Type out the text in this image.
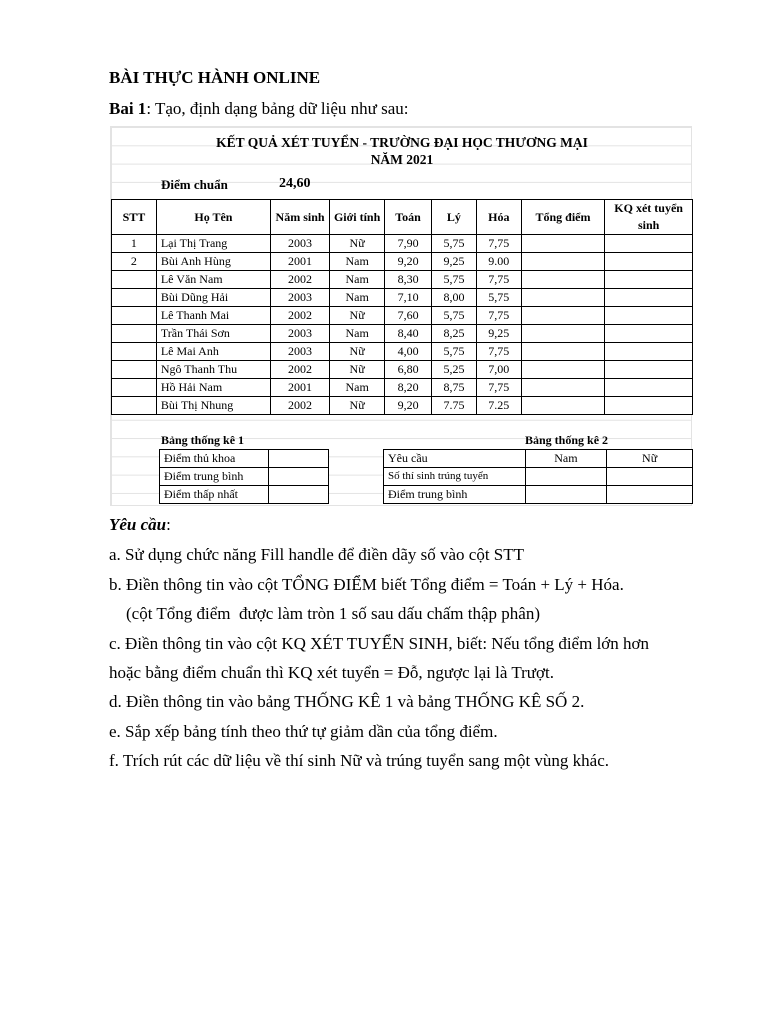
BÀI THỰC HÀNH ONLINE
Bai 1: Tạo, định dạng bảng dữ liệu như sau:
KẾT QUẢ XÉT TUYỂN - TRƯỜNG ĐẠI HỌC THƯƠNG MẠI
NĂM 2021
Điểm chuẩn	24,60
STT	Họ Tên	Năm sinh	Giới tính	Toán	Lý	Hóa	Tổng điểm	KQ xét tuyển sinh
1	Lại Thị Trang	2003	Nữ	7,90	5,75	7,75		
2	Bùi Anh Hùng	2001	Nam	9,20	9,25	9.00		
	Lê Văn Nam	2002	Nam	8,30	5,75	7,75		
	Bùi Dũng Hải	2003	Nam	7,10	8,00	5,75		
	Lê Thanh Mai	2002	Nữ	7,60	5,75	7,75		
	Trần Thái Sơn	2003	Nam	8,40	8,25	9,25		
	Lê Mai Anh	2003	Nữ	4,00	5,75	7,75		
	Ngô Thanh Thu	2002	Nữ	6,80	5,25	7,00		
	Hồ Hải Nam	2001	Nam	8,20	8,75	7,75		
	Bùi Thị Nhung	2002	Nữ	9,20	7.75	7.25		
Bảng thống kê 1	Bảng thống kê 2
Điểm thủ khoa	
Điểm trung bình	
Điểm thấp nhất	
Yêu cầu	Nam	Nữ
Số thí sinh trúng tuyển		
Điểm trung bình		
Yêu cầu:
a. Sử dụng chức năng Fill handle để điền dãy số vào cột STT
b. Điền thông tin vào cột TỔNG ĐIỂM biết Tổng điểm = Toán + Lý + Hóa.
(cột Tổng điểm  được làm tròn 1 số sau dấu chấm thập phân)
c. Điền thông tin vào cột KQ XÉT TUYỂN SINH, biết: Nếu tổng điểm lớn hơn
hoặc bằng điểm chuẩn thì KQ xét tuyển = Đỗ, ngược lại là Trượt.
d. Điền thông tin vào bảng THỐNG KÊ 1 và bảng THỐNG KÊ SỐ 2.
e. Sắp xếp bảng tính theo thứ tự giảm dần của tổng điểm.
f. Trích rút các dữ liệu về thí sinh Nữ và trúng tuyển sang một vùng khác.
